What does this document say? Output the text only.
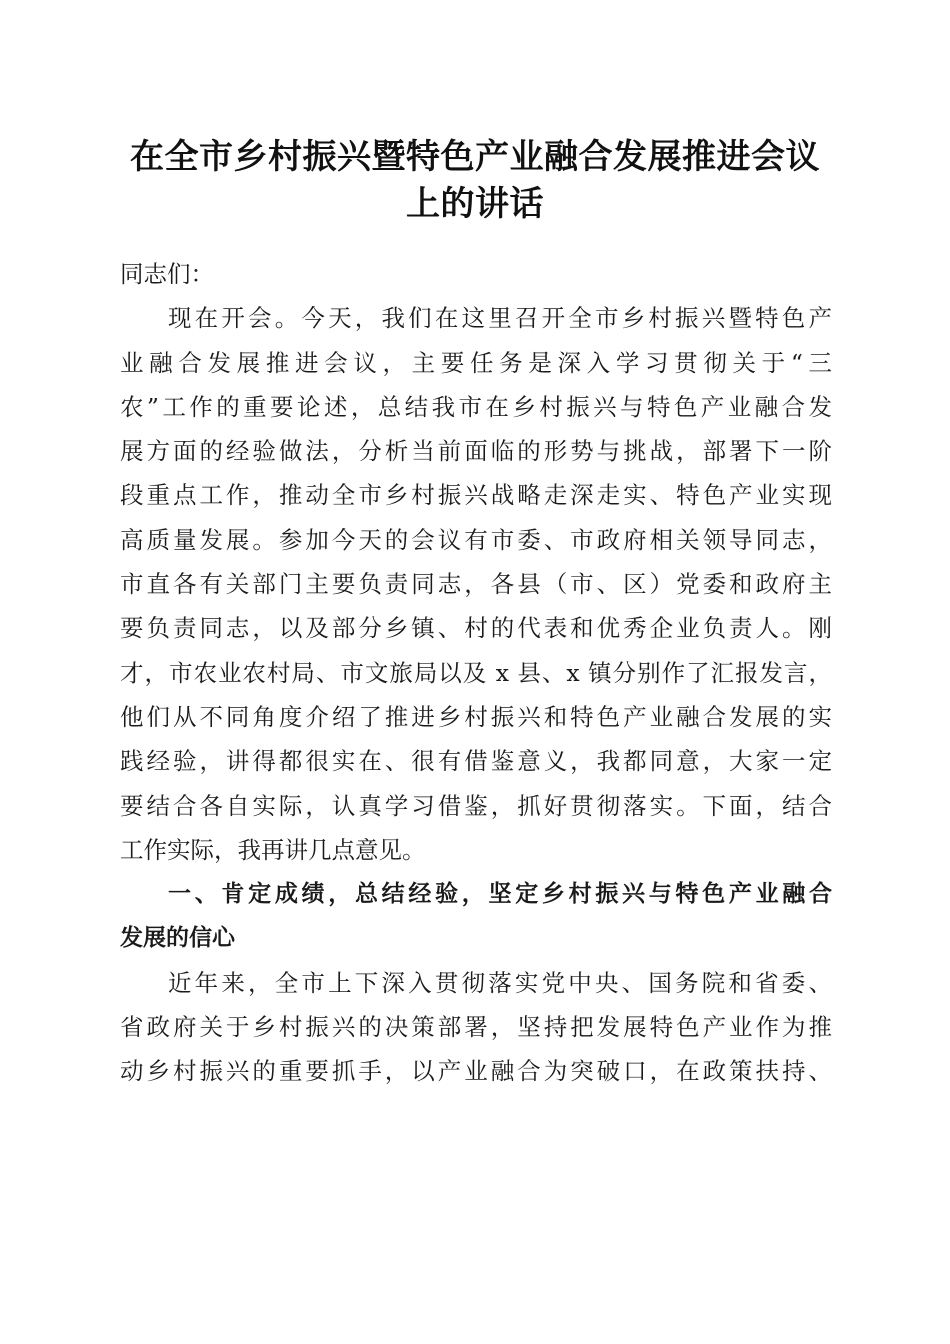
在全市乡村振兴暨特色产业融合发展推进会议
上的讲话
同志们：
现在开会。今天，我们在这里召开全市乡村振兴暨特色产
业融合发展推进会议，主要任务是深入学习贯彻关于“三
农”工作的重要论述，总结我市在乡村振兴与特色产业融合发
展方面的经验做法，分析当前面临的形势与挑战，部署下一阶
段重点工作，推动全市乡村振兴战略走深走实、特色产业实现
高质量发展。参加今天的会议有市委、市政府相关领导同志，
市直各有关部门主要负责同志，各县（市、区）党委和政府主
要负责同志，以及部分乡镇、村的代表和优秀企业负责人。刚
才，市农业农村局、市文旅局以及 x 县、x 镇分别作了汇报发言，
他们从不同角度介绍了推进乡村振兴和特色产业融合发展的实
践经验，讲得都很实在、很有借鉴意义，我都同意，大家一定
要结合各自实际，认真学习借鉴，抓好贯彻落实。下面，结合
工作实际，我再讲几点意见。
一、肯定成绩，总结经验，坚定乡村振兴与特色产业融合
发展的信心
近年来，全市上下深入贯彻落实党中央、国务院和省委、
省政府关于乡村振兴的决策部署，坚持把发展特色产业作为推
动乡村振兴的重要抓手，以产业融合为突破口，在政策扶持、
